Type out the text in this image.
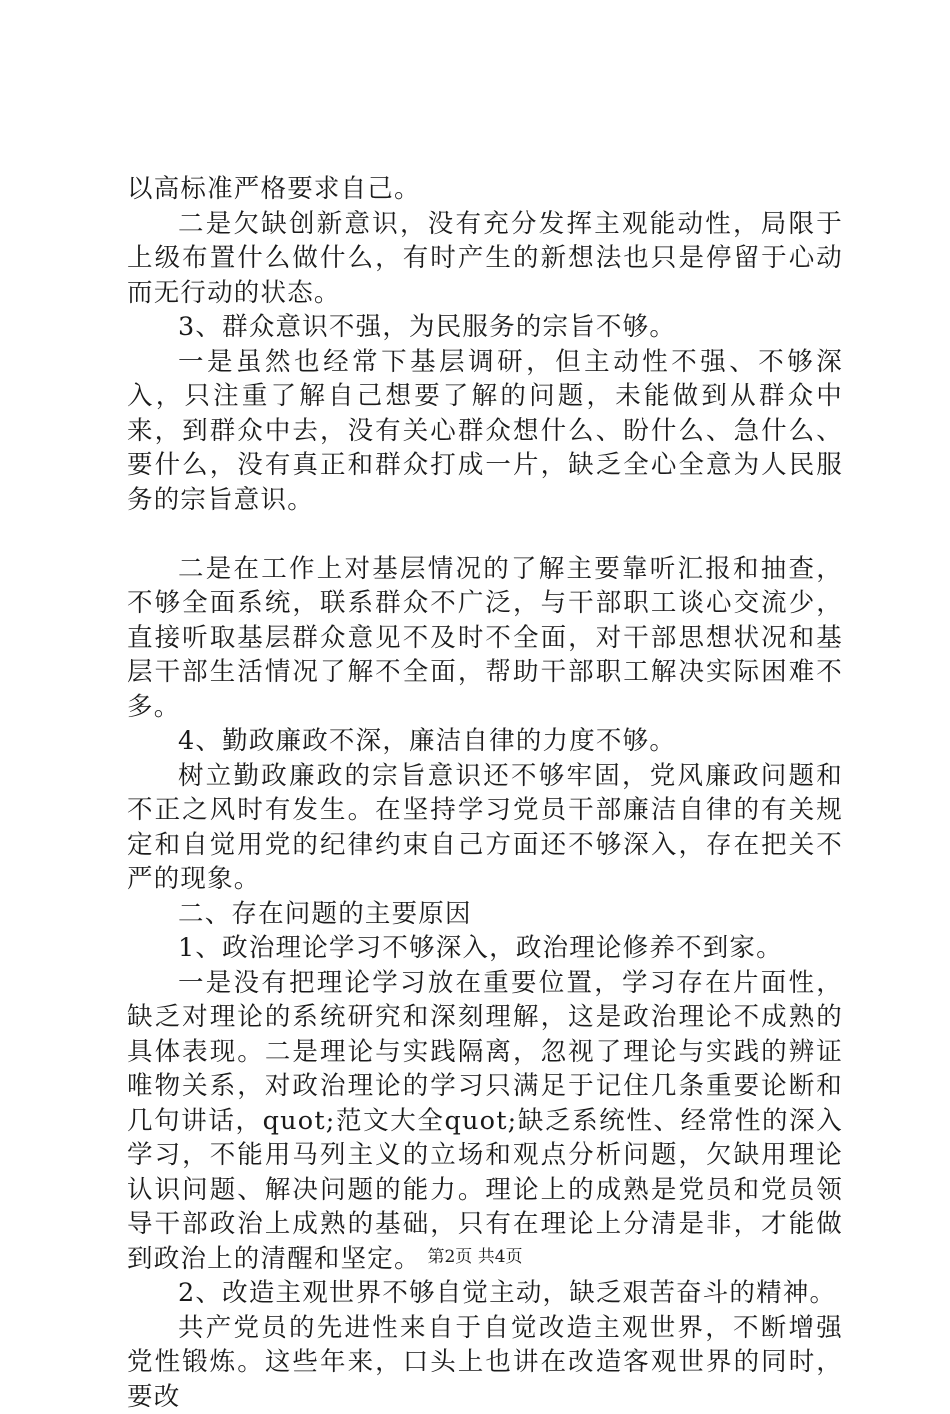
以高标准严格要求自己。

二是欠缺创新意识，没有充分发挥主观能动性，局限于上级布置什么做什么，有时产生的新想法也只是停留于心动而无行动的状态。

3、群众意识不强，为民服务的宗旨不够。

一是虽然也经常下基层调研，但主动性不强、不够深入，只注重了解自己想要了解的问题，未能做到从群众中来，到群众中去，没有关心群众想什么、盼什么、急什么、要什么，没有真正和群众打成一片，缺乏全心全意为人民服务的宗旨意识。

二是在工作上对基层情况的了解主要靠听汇报和抽查，不够全面系统，联系群众不广泛，与干部职工谈心交流少，直接听取基层群众意见不及时不全面，对干部思想状况和基层干部生活情况了解不全面，帮助干部职工解决实际困难不多。

4、勤政廉政不深，廉洁自律的力度不够。

树立勤政廉政的宗旨意识还不够牢固，党风廉政问题和不正之风时有发生。在坚持学习党员干部廉洁自律的有关规定和自觉用党的纪律约束自己方面还不够深入，存在把关不严的现象。

二、存在问题的主要原因

1、政治理论学习不够深入，政治理论修养不到家。

一是没有把理论学习放在重要位置，学习存在片面性，缺乏对理论的系统研究和深刻理解，这是政治理论不成熟的具体表现。二是理论与实践隔离，忽视了理论与实践的辨证唯物关系，对政治理论的学习只满足于记住几条重要论断和几句讲话，quot;范文大全quot;缺乏系统性、经常性的深入学习，不能用马列主义的立场和观点分析问题，欠缺用理论认识问题、解决问题的能力。理论上的成熟是党员和党员领导干部政治上成熟的基础，只有在理论上分清是非，才能做到政治上的清醒和坚定。

2、改造主观世界不够自觉主动，缺乏艰苦奋斗的精神。

共产党员的先进性来自于自觉改造主观世界，不断增强党性锻炼。这些年来，口头上也讲在改造客观世界的同时，要改

第2页 共4页
